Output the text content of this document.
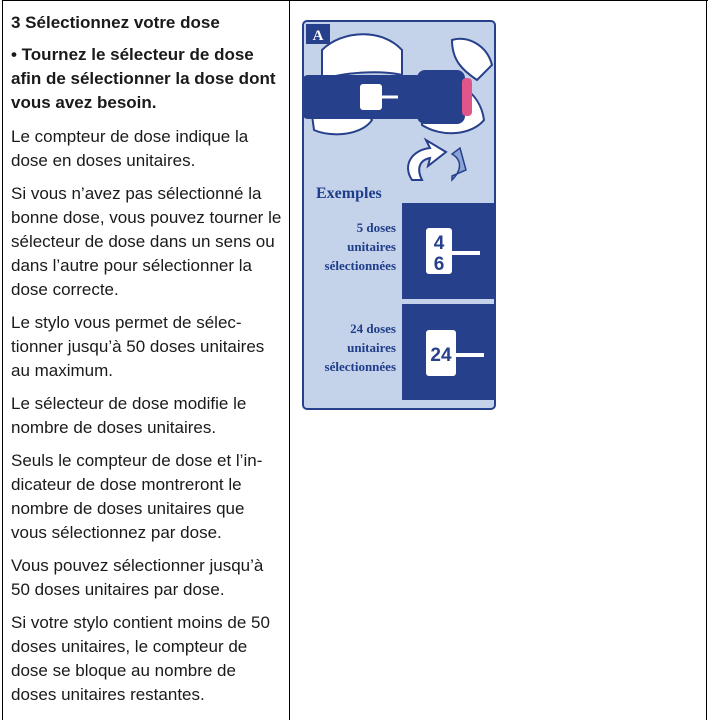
3 Sélectionnez votre dose

• Tournez le sélecteur de dose afin de sélectionner la dose dont vous avez besoin.

Le compteur de dose indique la dose en doses unitaires.

Si vous n’avez pas sélectionné la bonne dose, vous pouvez tourner le sélecteur de dose dans un sens ou dans l’autre pour sélectionner la dose correcte.

Le stylo vous permet de sélec-tionner jusqu’à 50 doses unitaires au maximum.

Le sélecteur de dose modifie le nombre de doses unitaires.

Seuls le compteur de dose et l’in-dicateur de dose montreront le nombre de doses unitaires que vous sélectionnez par dose.

Vous pouvez sélectionner jusqu’à 50 doses unitaires par dose.

Si votre stylo contient moins de 50 doses unitaires, le compteur de dose se bloque au nombre de doses unitaires restantes.

A
Exemples
5 doses
unitaires
sélectionnées
4
6
24 doses
unitaires
sélectionnées
24
